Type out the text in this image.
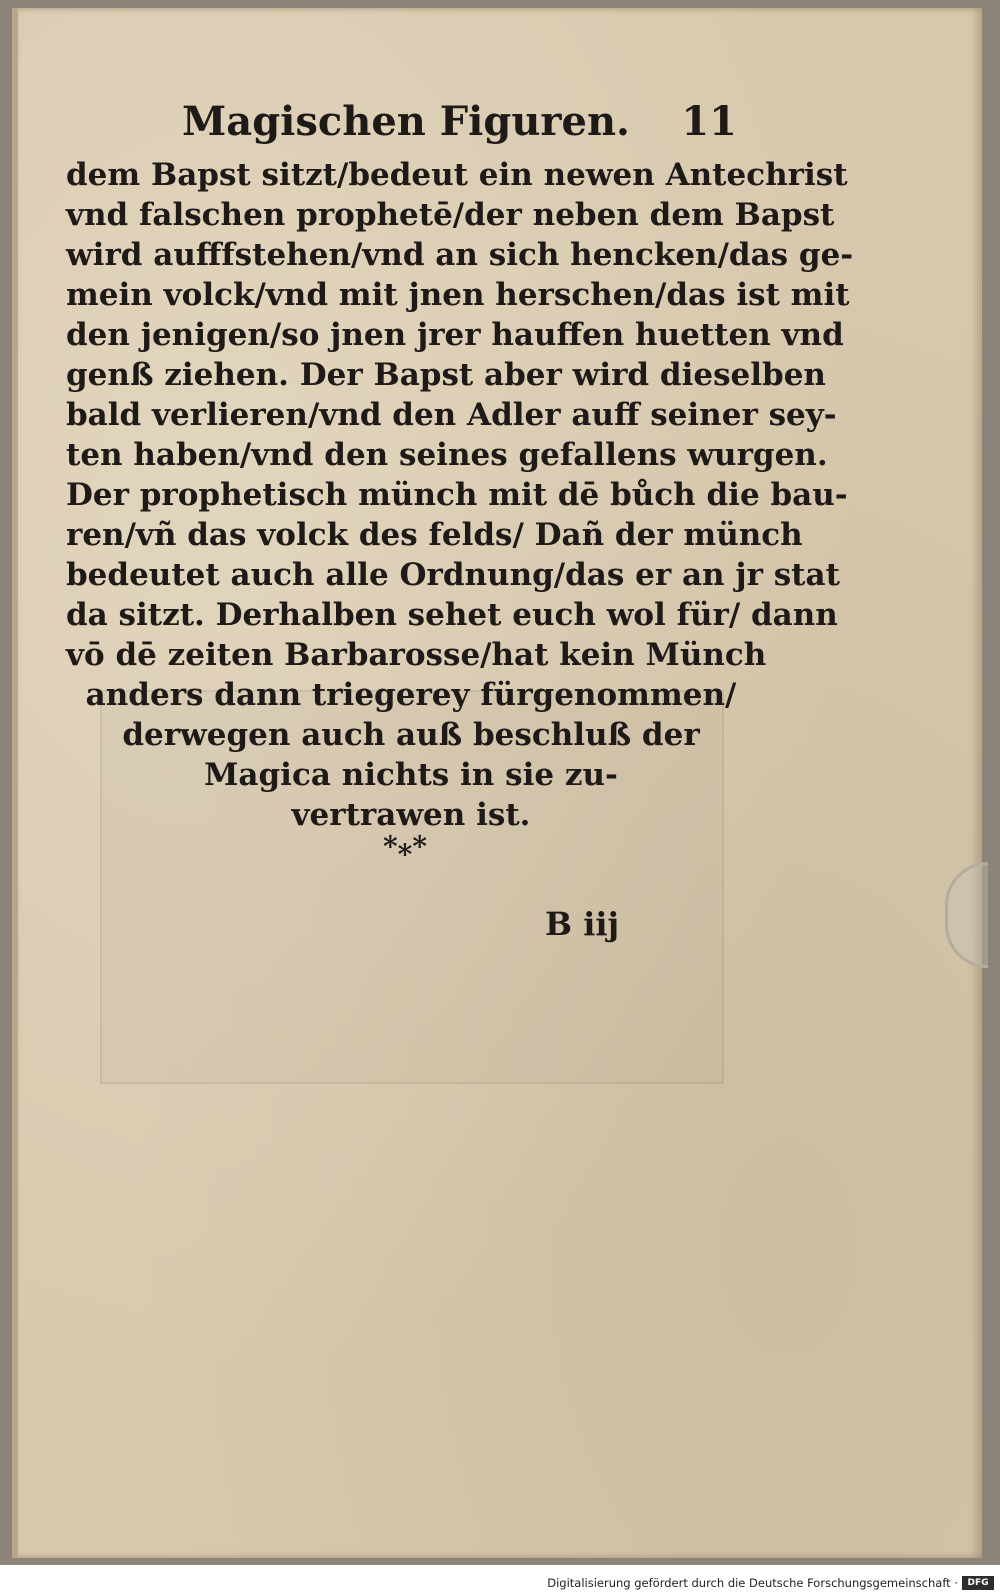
Magischen Figuren. 11
dem Bapst sitzt/bedeut ein newen Antechrist
vnd falschen prophetē/der neben dem Bapst
wird aufffstehen/vnd an sich hencken/das ge-
mein volck/vnd mit jnen herschen/das ist mit
den jenigen/so jnen jrer hauffen huetten vnd
genß ziehen. Der Bapst aber wird dieselben
bald verlieren/vnd den Adler auff seiner sey-
ten haben/vnd den seines gefallens wurgen.
Der prophetisch münch mit dē bůch die bau-
ren/vñ das volck des felds/ Dañ der münch
bedeutet auch alle Ordnung/das er an jr stat
da sitzt. Derhalben sehet euch wol für/ dann
vō dē zeiten Barbarosse/hat kein Münch
anders dann triegerey fürgenommen/
derwegen auch auß beschluß der
Magica nichts in sie zu-
vertrawen ist.
*⁎*
B iij
Digitalisierung gefördert durch die Deutsche Forschungsgemeinschaft ·	DFG
